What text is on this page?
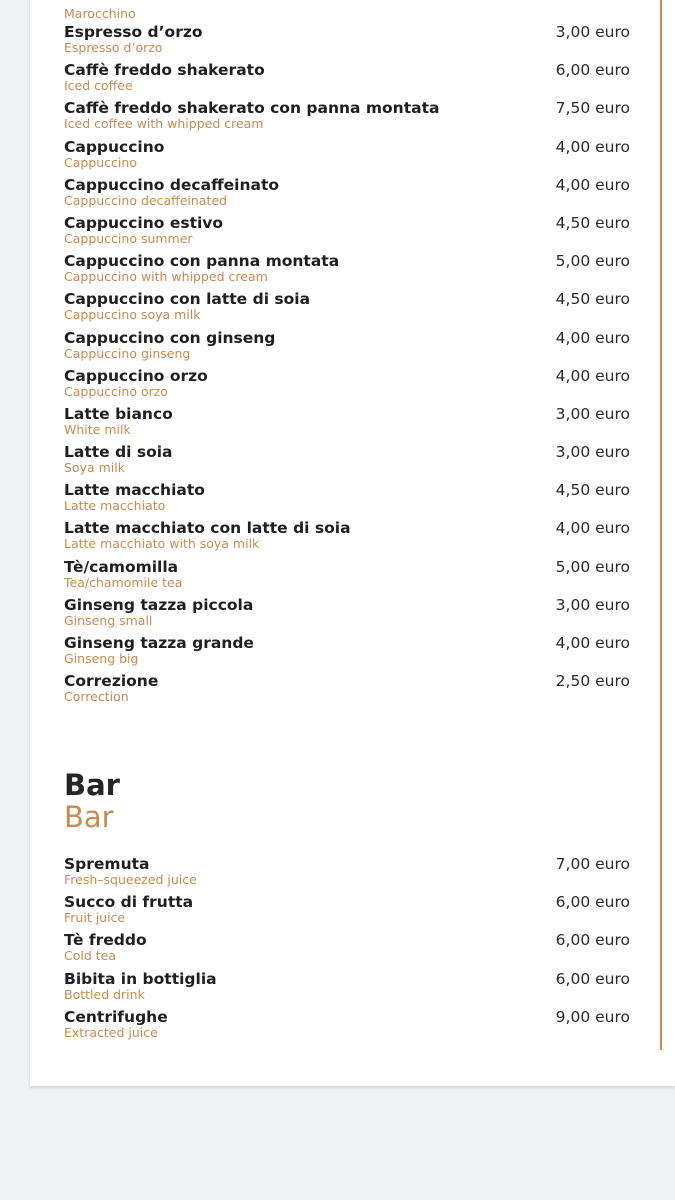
Marocchino
Espresso d’orzo	3,00 euro
Espresso d’orzo
Caffè freddo shakerato	6,00 euro
Iced coffee
Caffè freddo shakerato con panna montata	7,50 euro
Iced coffee with whipped cream
Cappuccino	4,00 euro
Cappuccino
Cappuccino decaffeinato	4,00 euro
Cappuccino decaffeinated
Cappuccino estivo	4,50 euro
Cappuccino summer
Cappuccino con panna montata	5,00 euro
Cappuccino with whipped cream
Cappuccino con latte di soia	4,50 euro
Cappuccino soya milk
Cappuccino con ginseng	4,00 euro
Cappuccino ginseng
Cappuccino orzo	4,00 euro
Cappuccino orzo
Latte bianco	3,00 euro
White milk
Latte di soia	3,00 euro
Soya milk
Latte macchiato	4,50 euro
Latte macchiato
Latte macchiato con latte di soia	4,00 euro
Latte macchiato with soya milk
Tè/camomilla	5,00 euro
Tea/chamomile tea
Ginseng tazza piccola	3,00 euro
Ginseng small
Ginseng tazza grande	4,00 euro
Ginseng big
Correzione	2,50 euro
Correction
Bar
Bar
Spremuta	7,00 euro
Fresh–squeezed juice
Succo di frutta	6,00 euro
Fruit juice
Tè freddo	6,00 euro
Cold tea
Bibita in bottiglia	6,00 euro
Bottled drink
Centrifughe	9,00 euro
Extracted juice
